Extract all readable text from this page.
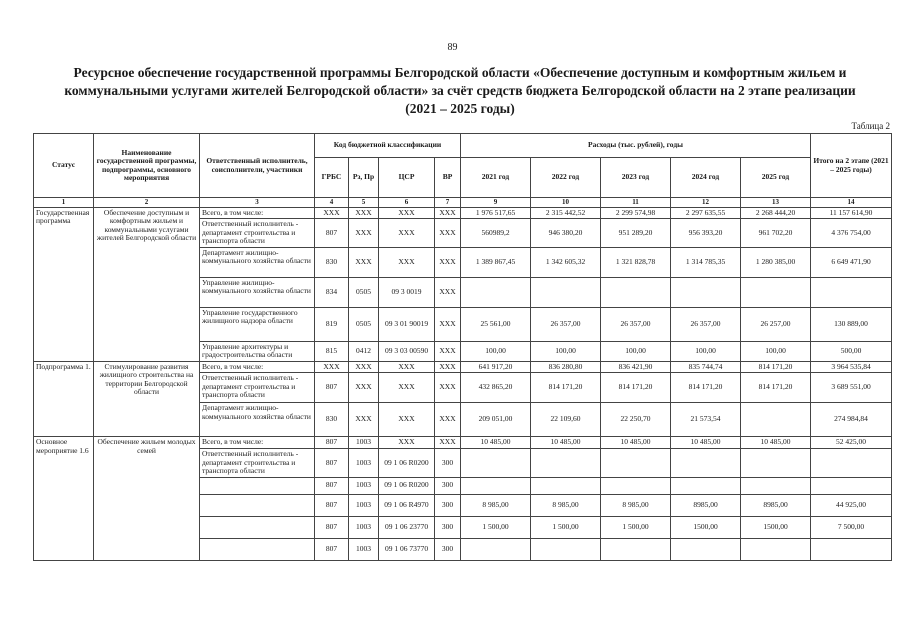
89
Ресурсное обеспечение государственной программы Белгородской области «Обеспечение доступным и комфортным жильем и коммунальными услугами жителей Белгородской области» за счёт средств бюджета Белгородской области на 2 этапе реализации (2021 – 2025 годы)
Таблица 2
Статус	Наименование государственной программы, подпрограммы, основного мероприятия	Ответственный исполнитель, соисполнители, участники	Код бюджетной классификации				Расходы (тыс. рублей), годы					Итого на 2 этапе (2021 – 2025 годы)
			ГРБС	Рз, Пр	ЦСР	ВР	2021 год	2022 год	2023 год	2024 год	2025 год	
1	2	3	4	5	6	7	9	10	11	12	13	14
Государственная программа	Обеспечение доступным и комфортным жильем и коммунальными услугами жителей Белгородской области	Всего, в том числе:	XXX	XXX	XXX	XXX	1 976 517,65	2 315 442,52	2 299 574,98	2 297 635,55	2 268 444,20	11 157 614,90
		Ответственный исполнитель - департамент строительства и транспорта области	807	XXX	XXX	XXX	560989,2	946 380,20	951 289,20	956 393,20	961 702,20	4 376 754,00
		Департамент жилищно-коммунального хозяйства области	830	XXX	XXX	XXX	1 389 867,45	1 342 605,32	1 321 828,78	1 314 785,35	1 280 385,00	6 649 471,90
		Управление жилищно-коммунального хозяйства области	834	0505	09 3 0019	XXX						
		Управление государственного жилищного надзора области	819	0505	09 3 01 90019	XXX	25 561,00	26 357,00	26 357,00	26 357,00	26 257,00	130 889,00
		Управление архитектуры и градостроительства области	815	0412	09 3 03 00590	XXX	100,00	100,00	100,00	100,00	100,00	500,00
Подпрограмма 1.	Стимулирование развития жилищного строительства на территории Белгородской области	Всего, в том числе:	XXX	XXX	XXX	XXX	641 917,20	836 280,80	836 421,90	835 744,74	814 171,20	3 964 535,84
		Ответственный исполнитель - департамент строительства и транспорта области	807	XXX	XXX	XXX	432 865,20	814 171,20	814 171,20	814 171,20	814 171,20	3 689 551,00
		Департамент жилищно-коммунального хозяйства области	830	XXX	XXX	XXX	209 051,00	22 109,60	22 250,70	21 573,54		274 984,84
Основное мероприятие 1.6	Обеспечение жильем молодых семей	Всего, в том числе:	807	1003	XXX	XXX	10 485,00	10 485,00	10 485,00	10 485,00	10 485,00	52 425,00
		Ответственный исполнитель - департамент строительства и транспорта области	807	1003	09 1 06 R0200	300						
			807	1003	09 1 06 R0200	300						
			807	1003	09 1 06 R4970	300	8 985,00	8 985,00	8 985,00	8985,00	8985,00	44 925,00
			807	1003	09 1 06 23770	300	1 500,00	1 500,00	1 500,00	1500,00	1500,00	7 500,00
			807	1003	09 1 06 73770	300						
